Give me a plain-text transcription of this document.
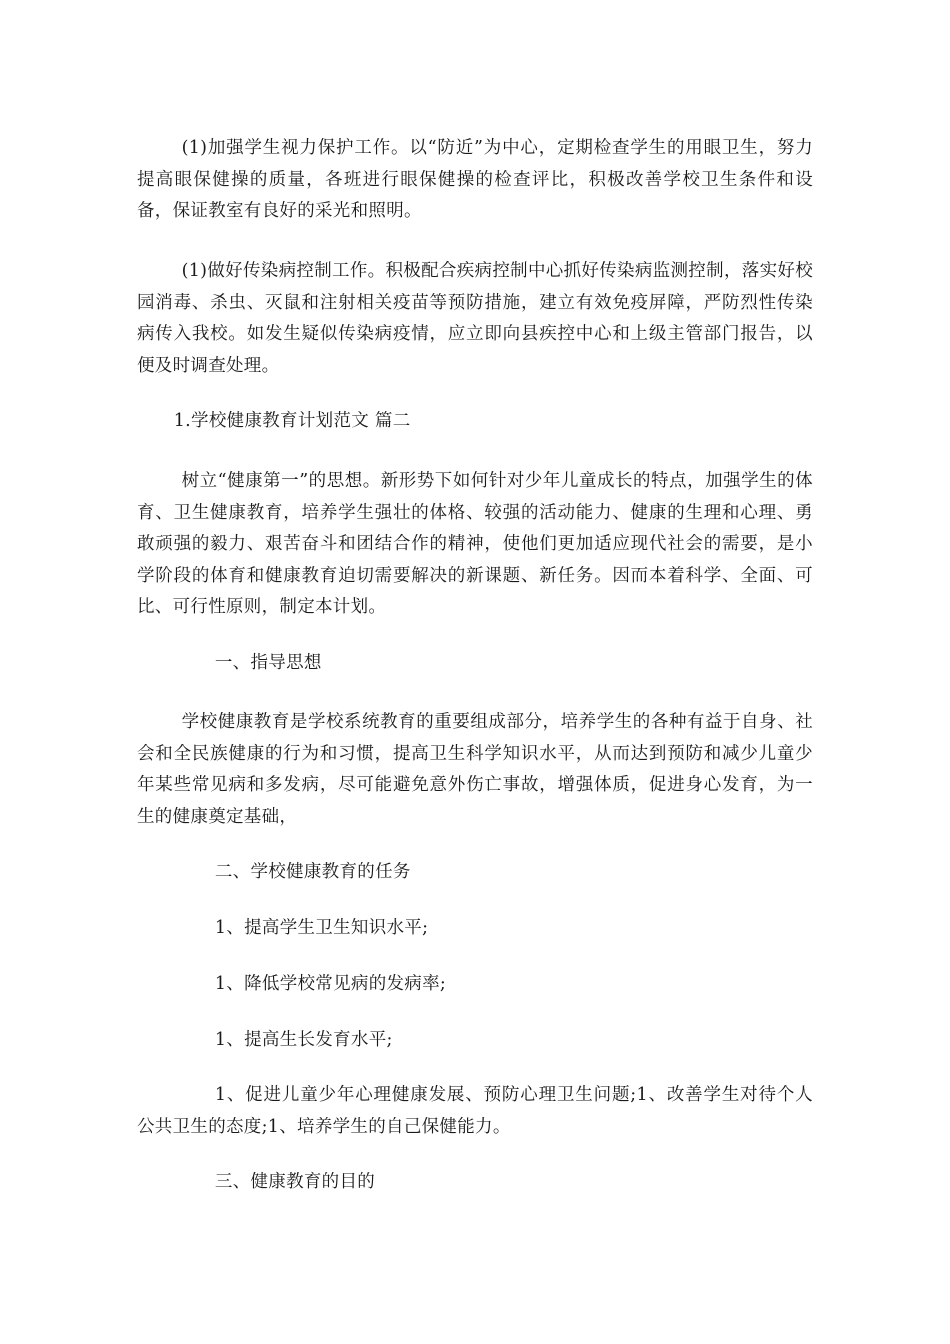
(1)加强学生视力保护工作。以“防近”为中心，定期检查学生的用眼卫生，努力提高眼保健操的质量，各班进行眼保健操的检查评比，积极改善学校卫生条件和设备，保证教室有良好的采光和照明。

(1)做好传染病控制工作。积极配合疾病控制中心抓好传染病监测控制，落实好校园消毒、杀虫、灭鼠和注射相关疫苗等预防措施，建立有效免疫屏障，严防烈性传染病传入我校。如发生疑似传染病疫情，应立即向县疾控中心和上级主管部门报告，以便及时调查处理。

1.学校健康教育计划范文 篇二

树立“健康第一”的思想。新形势下如何针对少年儿童成长的特点，加强学生的体育、卫生健康教育，培养学生强壮的体格、较强的活动能力、健康的生理和心理、勇敢顽强的毅力、艰苦奋斗和团结合作的精神，使他们更加适应现代社会的需要，是小学阶段的体育和健康教育迫切需要解决的新课题、新任务。因而本着科学、全面、可比、可行性原则，制定本计划。

一、指导思想

学校健康教育是学校系统教育的重要组成部分，培养学生的各种有益于自身、社会和全民族健康的行为和习惯，提高卫生科学知识水平，从而达到预防和减少儿童少年某些常见病和多发病，尽可能避免意外伤亡事故，增强体质，促进身心发育，为一生的健康奠定基础，

二、学校健康教育的任务

1、提高学生卫生知识水平;

1、降低学校常见病的发病率;

1、提高生长发育水平;

1、促进儿童少年心理健康发展、预防心理卫生问题;1、改善学生对待个人公共卫生的态度;1、培养学生的自己保健能力。

三、健康教育的目的
